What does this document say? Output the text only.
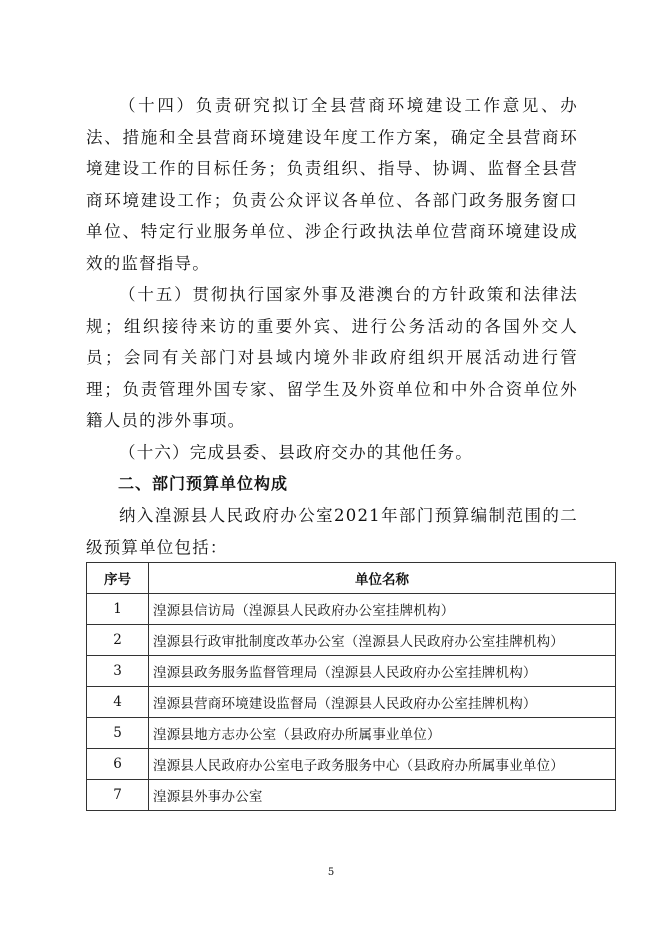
（十四）负责研究拟订全县营商环境建设工作意见、办法、措施和全县营商环境建设年度工作方案，确定全县营商环境建设工作的目标任务；负责组织、指导、协调、监督全县营商环境建设工作；负责公众评议各单位、各部门政务服务窗口单位、特定行业服务单位、涉企行政执法单位营商环境建设成效的监督指导。

（十五）贯彻执行国家外事及港澳台的方针政策和法律法规；组织接待来访的重要外宾、进行公务活动的各国外交人员；会同有关部门对县域内境外非政府组织开展活动进行管理；负责管理外国专家、留学生及外资单位和中外合资单位外籍人员的涉外事项。

（十六）完成县委、县政府交办的其他任务。

二、部门预算单位构成

纳入湟源县人民政府办公室2021年部门预算编制范围的二级预算单位包括：

序号	单位名称
1	湟源县信访局（湟源县人民政府办公室挂牌机构）
2	湟源县行政审批制度改革办公室（湟源县人民政府办公室挂牌机构）
3	湟源县政务服务监督管理局（湟源县人民政府办公室挂牌机构）
4	湟源县营商环境建设监督局（湟源县人民政府办公室挂牌机构）
5	湟源县地方志办公室（县政府办所属事业单位）
6	湟源县人民政府办公室电子政务服务中心（县政府办所属事业单位）
7	湟源县外事办公室
5
